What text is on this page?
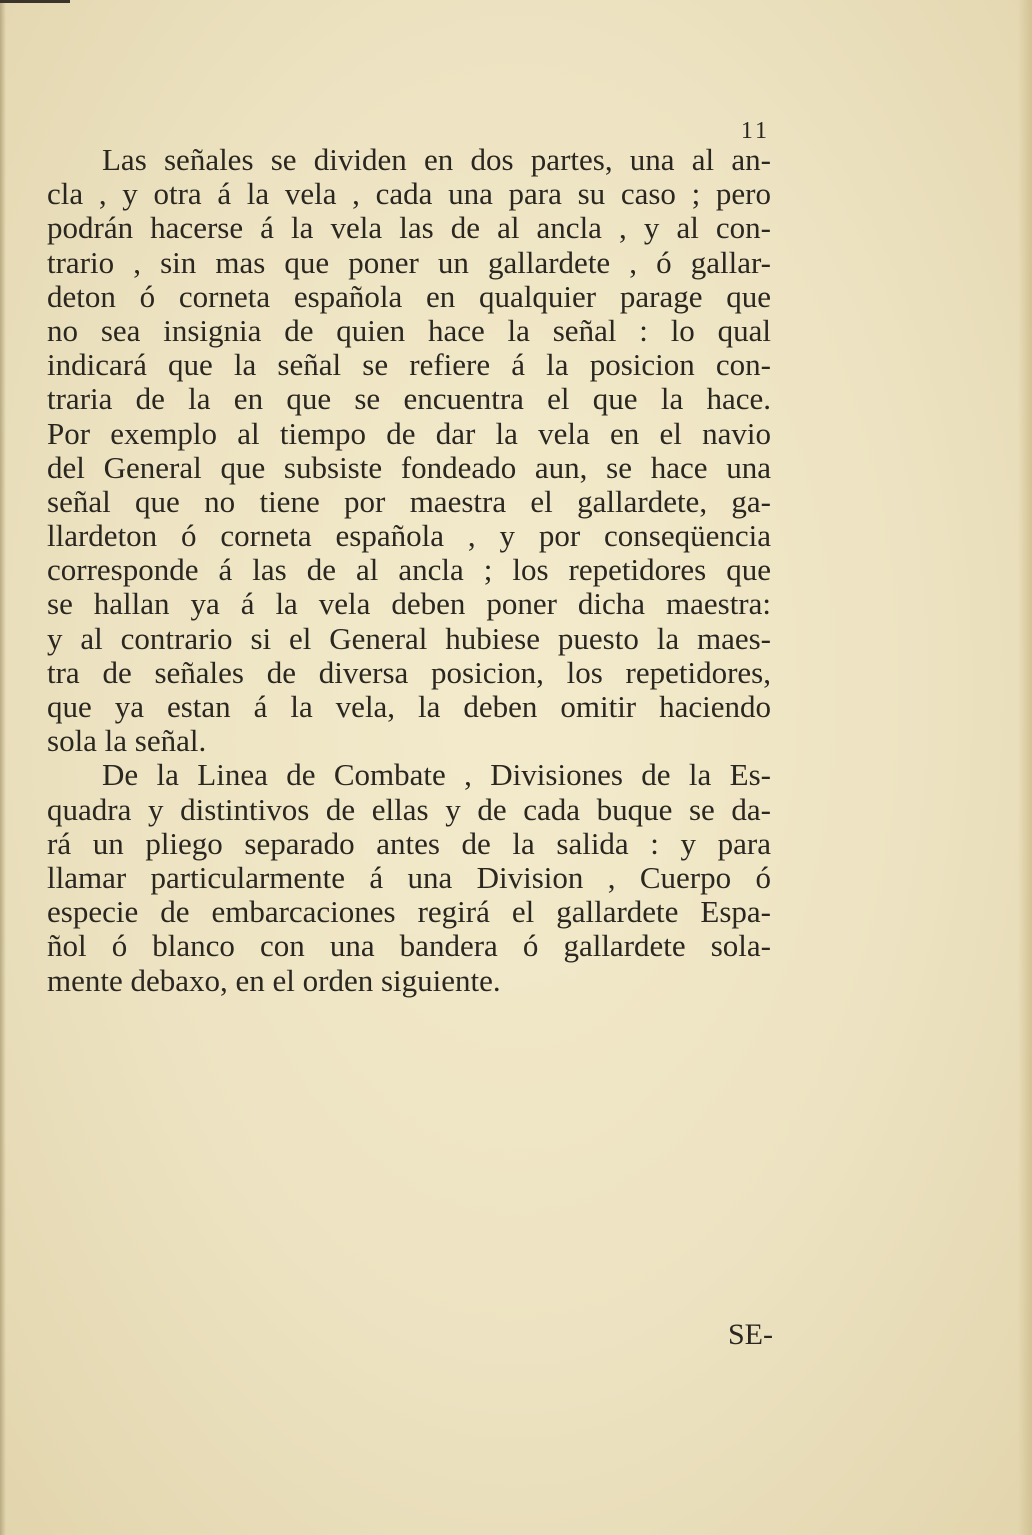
11
Las señales se dividen en dos partes, una al an-
cla , y otra á la vela , cada una para su caso ; pero
podrán hacerse á la vela las de al ancla , y al con-
trario , sin mas que poner un gallardete , ó gallar-
deton ó corneta española en qualquier parage que
no sea insignia de quien hace la señal : lo qual
indicará que la señal se refiere á la posicion con-
traria de la en que se encuentra el que la hace.
Por exemplo al tiempo de dar la vela en el navio
del General que subsiste fondeado aun, se hace una
señal que no tiene por maestra el gallardete, ga-
llardeton ó corneta española , y por conseqüencia
corresponde á las de al ancla ; los repetidores que
se hallan ya á la vela deben poner dicha maestra:
y al contrario si el General hubiese puesto la maes-
tra de señales de diversa posicion, los repetidores,
que ya estan á la vela, la deben omitir haciendo
sola la señal.
De la Linea de Combate , Divisiones de la Es-
quadra y distintivos de ellas y de cada buque se da-
rá un pliego separado antes de la salida : y para
llamar particularmente á una Division , Cuerpo ó
especie de embarcaciones regirá el gallardete Espa-
ñol ó blanco con una bandera ó gallardete sola-
mente debaxo, en el orden siguiente.
SE-
